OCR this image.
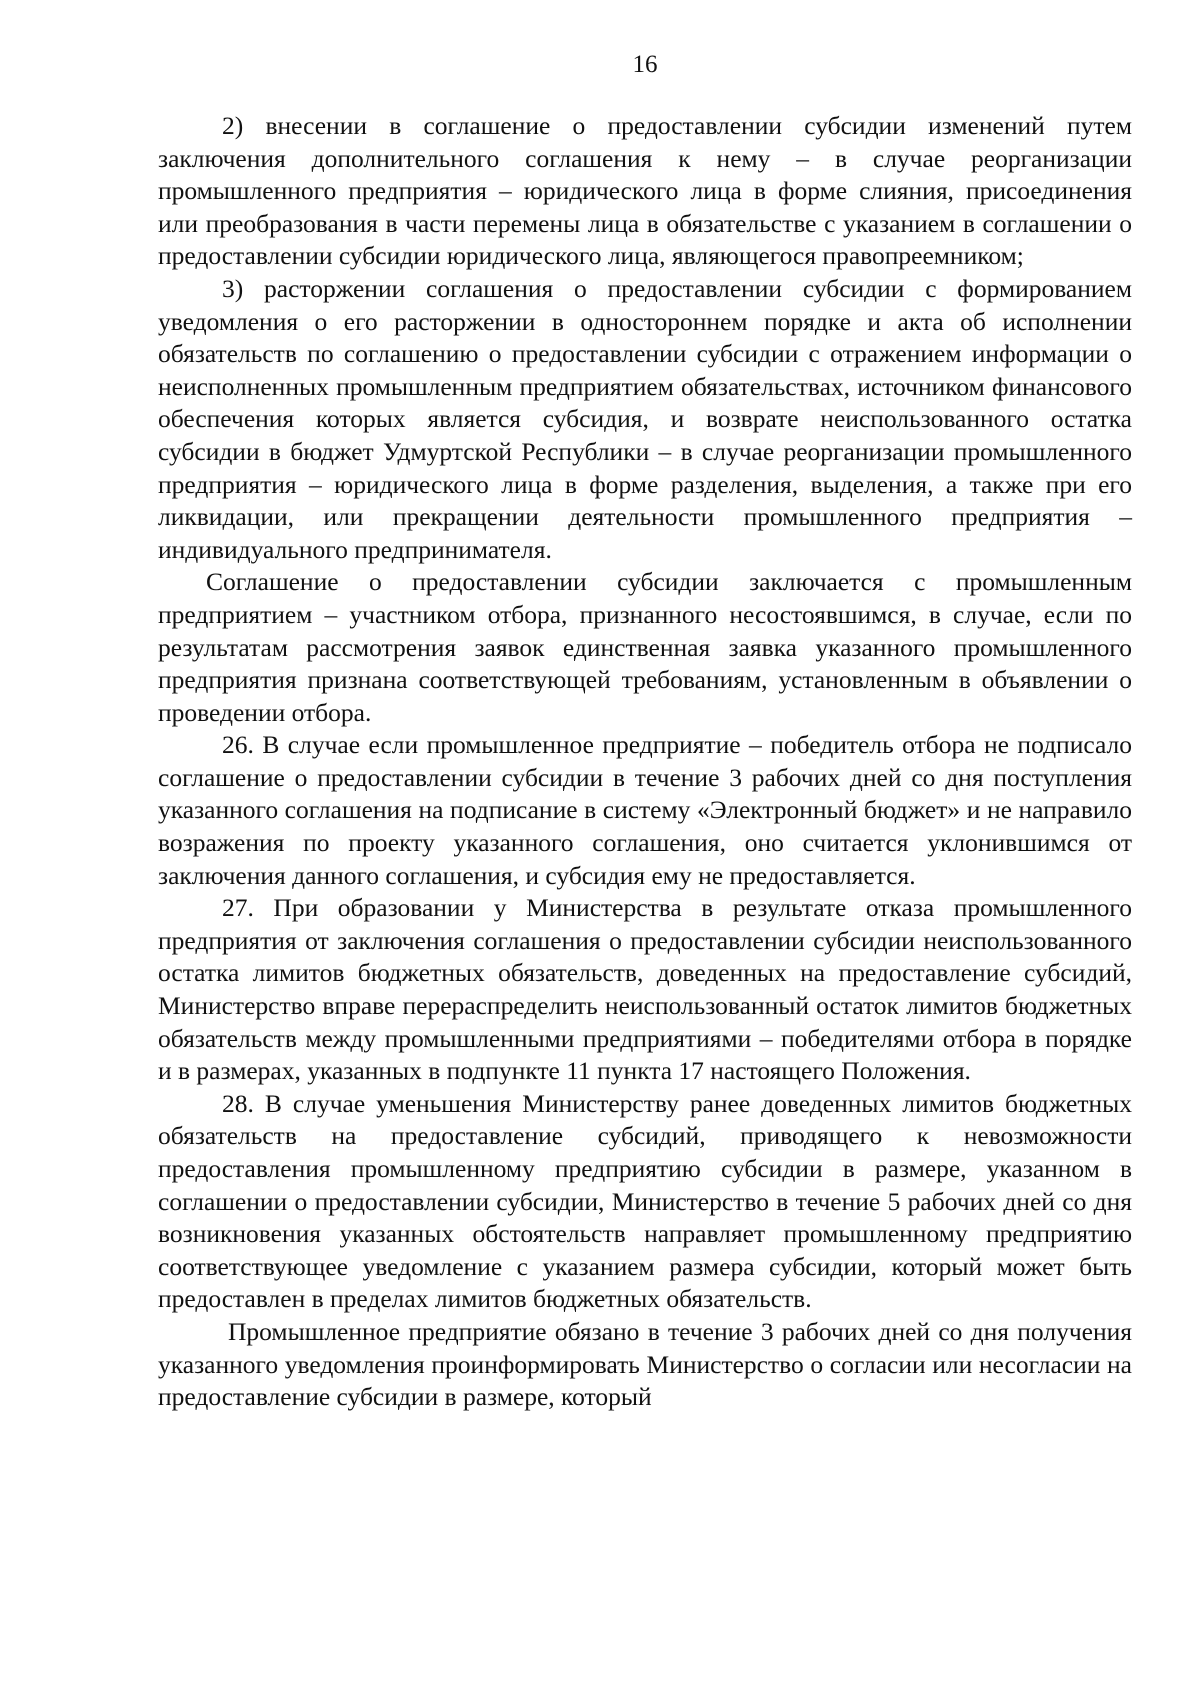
16

2) внесении в соглашение о предоставлении субсидии изменений путем заключения дополнительного соглашения к нему – в случае реорганизации промышленного предприятия – юридического лица в форме слияния, присоединения или преобразования в части перемены лица в обязательстве с указанием в соглашении о предоставлении субсидии юридического лица, являющегося правопреемником;

3) расторжении соглашения о предоставлении субсидии с формированием уведомления о его расторжении в одностороннем порядке и акта об исполнении обязательств по соглашению о предоставлении субсидии с отражением информации о неисполненных промышленным предприятием обязательствах, источником финансового обеспечения которых является субсидия, и возврате неиспользованного остатка субсидии в бюджет Удмуртской Республики – в случае реорганизации промышленного предприятия – юридического лица в форме разделения, выделения, а также при его ликвидации, или прекращении деятельности промышленного предприятия – индивидуального предпринимателя.

Соглашение о предоставлении субсидии заключается с промышленным предприятием – участником отбора, признанного несостоявшимся, в случае, если по результатам рассмотрения заявок единственная заявка указанного промышленного предприятия признана соответствующей требованиям, установленным в объявлении о проведении отбора.

26. В случае если промышленное предприятие – победитель отбора не подписало соглашение о предоставлении субсидии в течение 3 рабочих дней со дня поступления указанного соглашения на подписание в систему «Электронный бюджет» и не направило возражения по проекту указанного соглашения, оно считается уклонившимся от заключения данного соглашения, и субсидия ему не предоставляется.

27. При образовании у Министерства в результате отказа промышленного предприятия от заключения соглашения о предоставлении субсидии неиспользованного остатка лимитов бюджетных обязательств, доведенных на предоставление субсидий, Министерство вправе перераспределить неиспользованный остаток лимитов бюджетных обязательств между промышленными предприятиями – победителями отбора в порядке и в размерах, указанных в подпункте 11 пункта 17 настоящего Положения.

28. В случае уменьшения Министерству ранее доведенных лимитов бюджетных обязательств на предоставление субсидий, приводящего к невозможности предоставления промышленному предприятию субсидии в размере, указанном в соглашении о предоставлении субсидии, Министерство в течение 5 рабочих дней со дня возникновения указанных обстоятельств направляет промышленному предприятию соответствующее уведомление с указанием размера субсидии, который может быть предоставлен в пределах лимитов бюджетных обязательств.

Промышленное предприятие обязано в течение 3 рабочих дней со дня получения указанного уведомления проинформировать Министерство о согласии или несогласии на предоставление субсидии в размере, который
